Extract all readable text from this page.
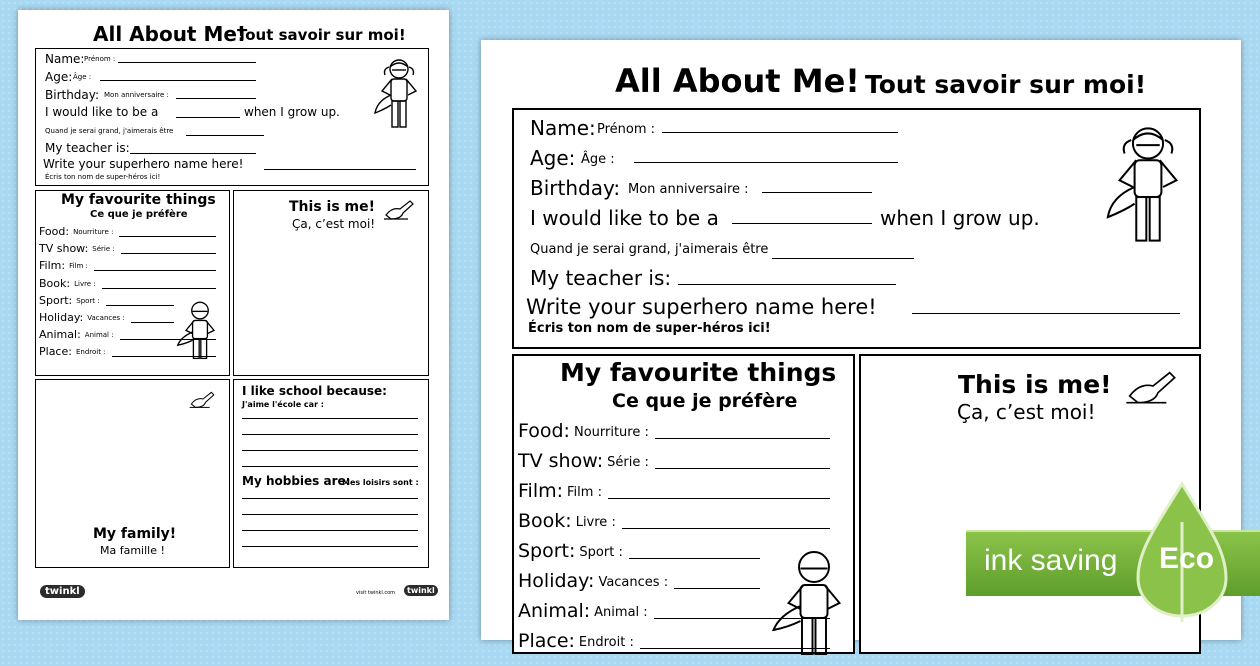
All About Me!
Tout savoir sur moi!
Name: Prénom :
Age: Âge :
Birthday: Mon anniversaire :
I would like to be a	when I grow up.
Quand je serai grand, j'aimerais être
My teacher is:
Write your superhero name here!
Écris ton nom de super-héros ici!
My favourite things
Ce que je préfère
Food: Nourriture :
TV show: Série :
Film: Film :
Book: Livre :
Sport: Sport :
Holiday: Vacances :
Animal: Animal :
Place: Endroit :
This is me!
Ça, c’est moi!
My family!
Ma famille !
I like school because:
J'aime l'école car :
My hobbies are:
Mes loisirs sont :
twinkl	visit twinkl.com	twinkl
All About Me! Tout savoir sur moi!
Name: Prénom :
Age: Âge :
Birthday: Mon anniversaire :
I would like to be a	when I grow up.
Quand je serai grand, j'aimerais être
My teacher is:
Write your superhero name here!
Écris ton nom de super-héros ici!
My favourite things
Ce que je préfère
Food: Nourriture :
TV show: Série :
Film: Film :
Book: Livre :
Sport: Sport :
Holiday: Vacances :
Animal: Animal :
Place: Endroit :
This is me!
Ça, c’est moi!
ink saving Eco
